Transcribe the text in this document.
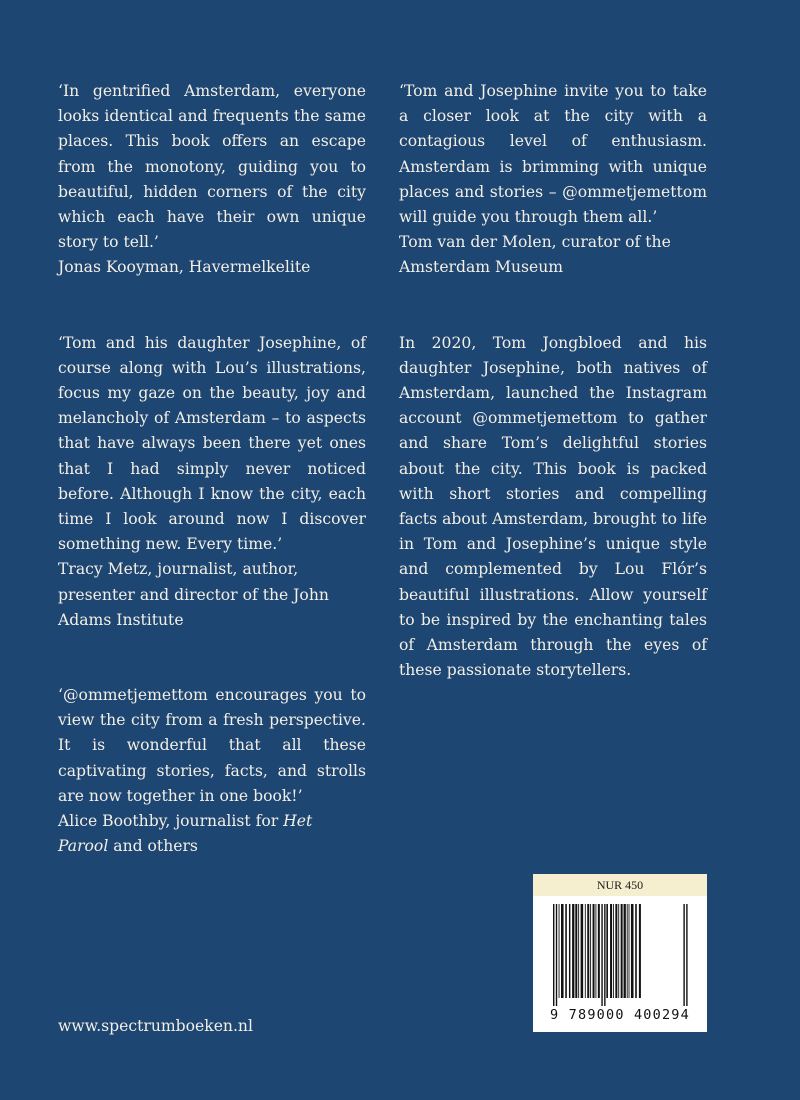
‘In gentrified Amsterdam, everyone looks identical and frequents the same places. This book offers an escape from the monotony, guiding you to beautiful, hidden corners of the city which each have their own unique story to tell.’
Jonas Kooyman, Havermelkelite
‘Tom and his daughter Josephine, of course along with Lou’s illustrations, focus my gaze on the beauty, joy and melancholy of Amsterdam – to aspects that have always been there yet ones that I had simply never noticed before. Although I know the city, each time I look around now I discover something new. Every time.’
Tracy Metz, journalist, author, presenter and director of the John Adams Institute
‘@ommetjemettom encourages you to view the city from a fresh perspective. It is wonderful that all these captivating stories, facts, and strolls are now together in one book!’
Alice Boothby, journalist for Het Parool and others
‘Tom and Josephine invite you to take a closer look at the city with a contagious level of enthusiasm. Amsterdam is brimming with unique places and stories – @ommetjemettom will guide you through them all.’
Tom van der Molen, curator of the Amsterdam Museum
In 2020, Tom Jongbloed and his daughter Josephine, both natives of Amsterdam, launched the Instagram account @ommetjemettom to gather and share Tom’s delightful stories about the city. This book is packed with short stories and compelling facts about Amsterdam, brought to life in Tom and Josephine’s unique style and complemented by Lou Flór’s beautiful illustrations. Allow yourself to be inspired by the enchanting tales of Amsterdam through the eyes of these passionate storytellers.
www.spectrumboeken.nl
NUR 450
9 789000 400294
